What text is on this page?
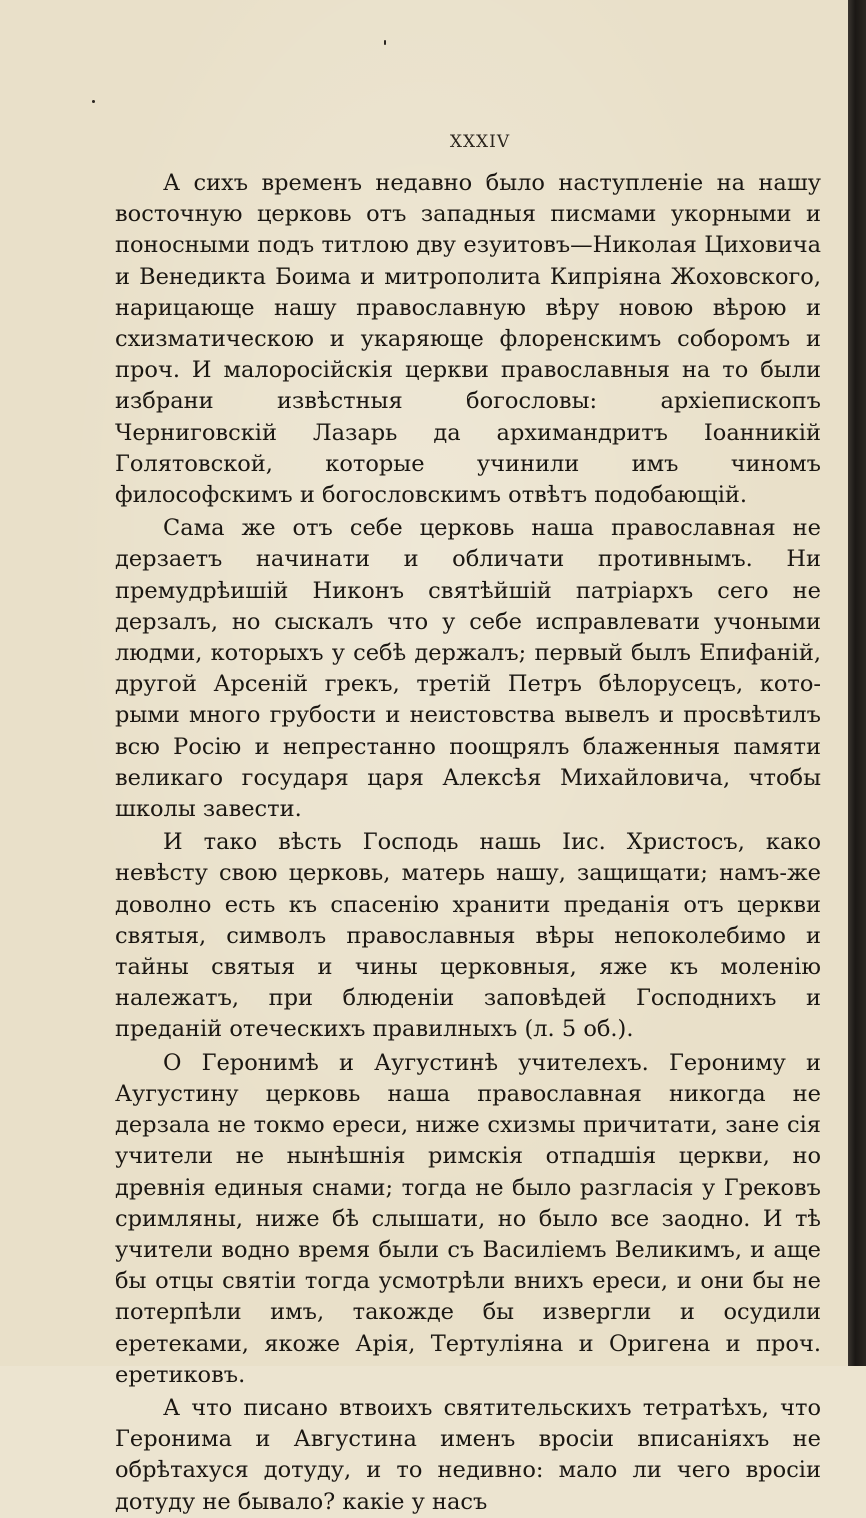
XXXIV

А сихъ временъ недавно было наступленіе на нашу восточную церковь отъ западныя писмами укорными и поносными подъ титлою дву езуитовъ—Николая Циховича и Венедикта Боима и митрополита Кипріяна Жоховского, нарицающе нашу православную вѣру новою вѣрою и схизматическою и укаряюще флоренскимъ соборомъ и проч. И малоросійскія церкви православныя на то были избрани извѣстныя богословы: архіепископъ Черниговскій Лазарь да архимандритъ Іоанникій Голятовской, которые учинили имъ чиномъ философскимъ и богословскимъ отвѣтъ подобающій.

Сама же отъ себе церковь наша православная не дерзаетъ начинати и обличати противнымъ. Ни премудрѣишій Никонъ святѣйшій патріархъ сего не дерзалъ, но сыскалъ что у себе исправлевати учоными людми, которыхъ у себѣ держалъ; первый былъ Епифаній, другой Арсеній грекъ, третій Петръ бѣлорусецъ, которыми много грубости и неистовства вывелъ и просвѣтилъ всю Росію и непрестанно поощрялъ блаженныя памяти великаго государя царя Алексѣя Михайловича, чтобы школы завести.

И тако вѣсть Господь нашь Іис. Христосъ, како невѣсту свою церковь, матерь нашу, защищати; намъ-же доволно есть къ спасенію хранити преданія отъ церкви святыя, символъ православныя вѣры непоколебимо и тайны святыя и чины церковныя, яже къ моленію належатъ, при блюденіи заповѣдей Господнихъ и преданій отеческихъ правилныхъ (л. 5 об.).

О Геронимѣ и Аугустинѣ учителехъ. Герониму и Аугустину церковь наша православная никогда не дерзала не токмо ереси, ниже схизмы причитати, зане сія учители не нынѣшнія римскія отпадшія церкви, но древнія единыя снами; тогда не было разгласія у Грековъ сримляны, ниже бѣ слышати, но было все заодно. И тѣ учители водно время были съ Василіемъ Великимъ, и аще бы отцы святіи тогда усмотрѣли внихъ ереси, и они бы не потерпѣли имъ, такожде бы извергли и осудили еретеками, якоже Арія, Тертуліяна и Оригена и проч. еретиковъ.

А что писано втвоихъ святительскихъ тетратѣхъ, что Геронима и Августина именъ вросіи вписаніяхъ не обрѣтахуся дотуду, и то недивно: мало ли чего вросіи дотуду не бывало? какіе у насъ
